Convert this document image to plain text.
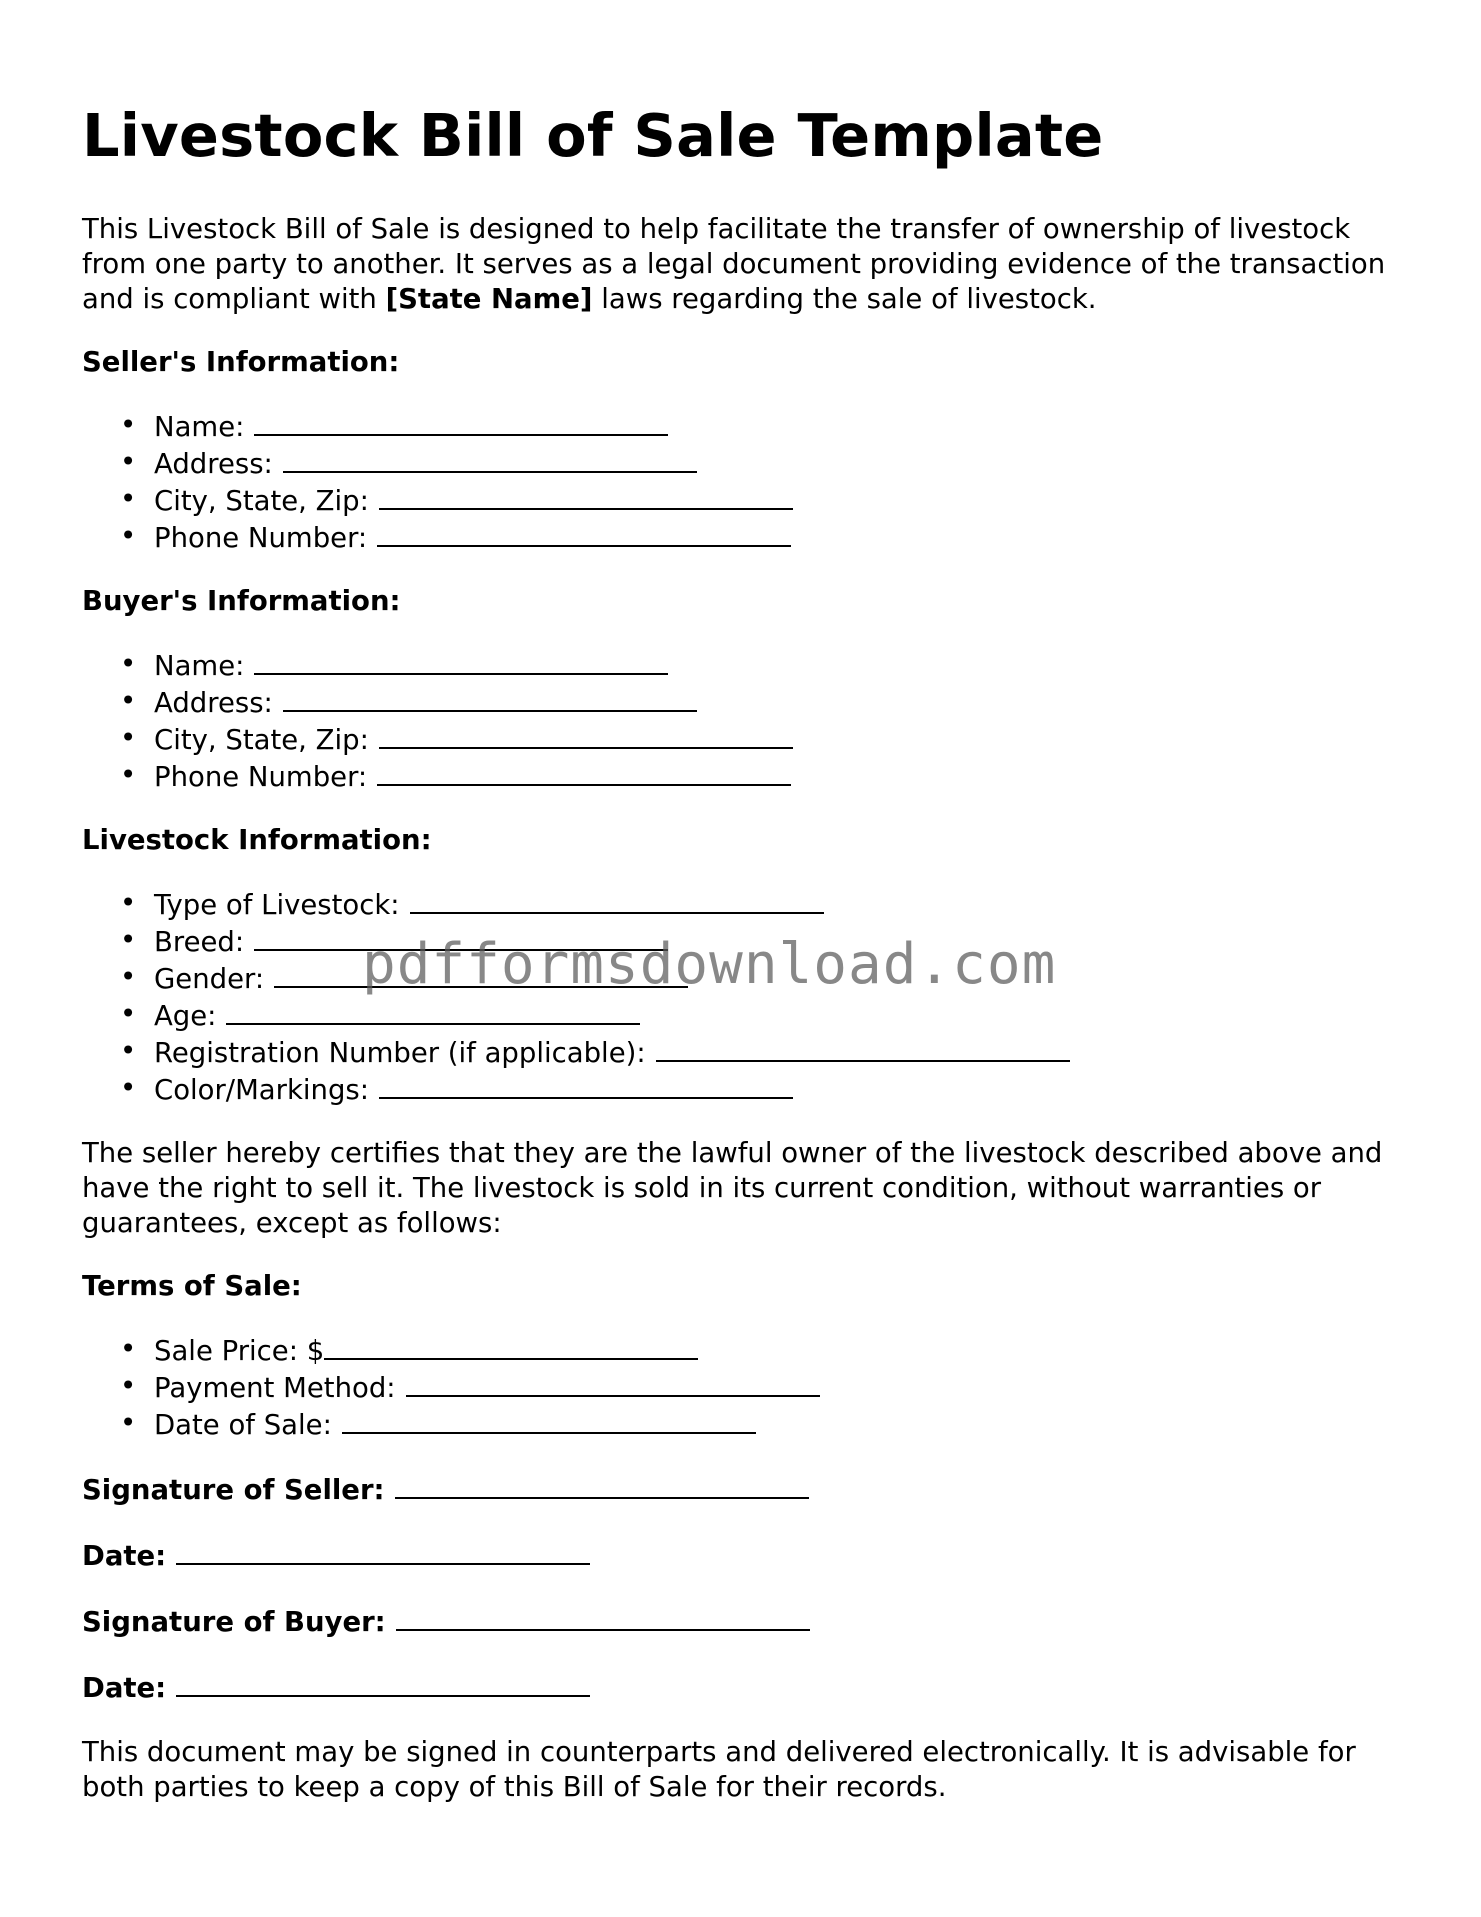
Livestock Bill of Sale Template

This Livestock Bill of Sale is designed to help facilitate the transfer of ownership of livestock from one party to another. It serves as a legal document providing evidence of the transaction and is compliant with [State Name] laws regarding the sale of livestock.

Seller's Information:
• Name:
• Address:
• City, State, Zip:
• Phone Number:
Buyer's Information:
• Name:
• Address:
• City, State, Zip:
• Phone Number:
Livestock Information:
• Type of Livestock:
• Breed:
• Gender:
• Age:
• Registration Number (if applicable):
• Color/Markings:

The seller hereby certifies that they are the lawful owner of the livestock described above and have the right to sell it. The livestock is sold in its current condition, without warranties or guarantees, except as follows:

Terms of Sale:
• Sale Price: $
• Payment Method:
• Date of Sale:
Signature of Seller:
Date:
Signature of Buyer:
Date:

This document may be signed in counterparts and delivered electronically. It is advisable for both parties to keep a copy of this Bill of Sale for their records.

pdfformsdownload.com
